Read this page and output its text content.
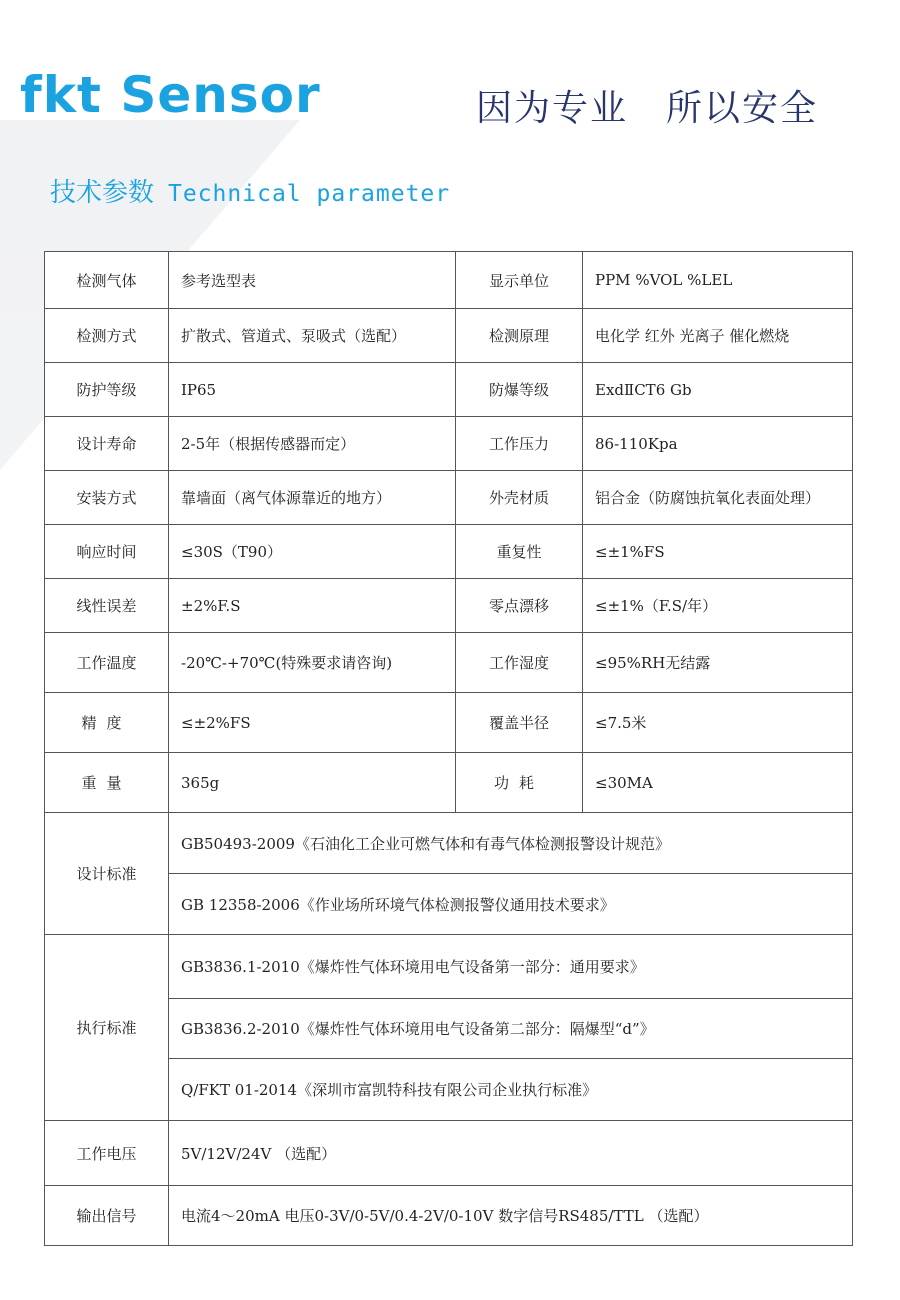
fkt Sensor	因为专业　所以安全
技术参数 Technical parameter
检测气体	参考选型表	显示单位	PPM %VOL %LEL
检测方式	扩散式、管道式、泵吸式（选配）	检测原理	电化学 红外 光离子 催化燃烧
防护等级	IP65	防爆等级	ExdⅡCT6 Gb
设计寿命	2-5年（根据传感器而定）	工作压力	86-110Kpa
安装方式	靠墙面（离气体源靠近的地方）	外壳材质	铝合金（防腐蚀抗氧化表面处理）
响应时间	≤30S（T90）	重复性	≤±1%FS
线性误差	±2%F.S	零点漂移	≤±1%（F.S/年）
工作温度	-20℃-+70℃(特殊要求请咨询)	工作湿度	≤95%RH无结露
精度	≤±2%FS	覆盖半径	≤7.5米
重量	365g	功耗	≤30MA
设计标准	GB50493-2009《石油化工企业可燃气体和有毒气体检测报警设计规范》		
	GB 12358-2006《作业场所环境气体检测报警仪通用技术要求》		
执行标准	GB3836.1-2010《爆炸性气体环境用电气设备第一部分：通用要求》		
	GB3836.2-2010《爆炸性气体环境用电气设备第二部分：隔爆型“d”》		
	Q/FKT 01-2014《深圳市富凯特科技有限公司企业执行标准》		
工作电压	5V/12V/24V （选配）		
输出信号	电流4～20mA 电压0-3V/0-5V/0.4-2V/0-10V 数字信号RS485/TTL （选配）		
